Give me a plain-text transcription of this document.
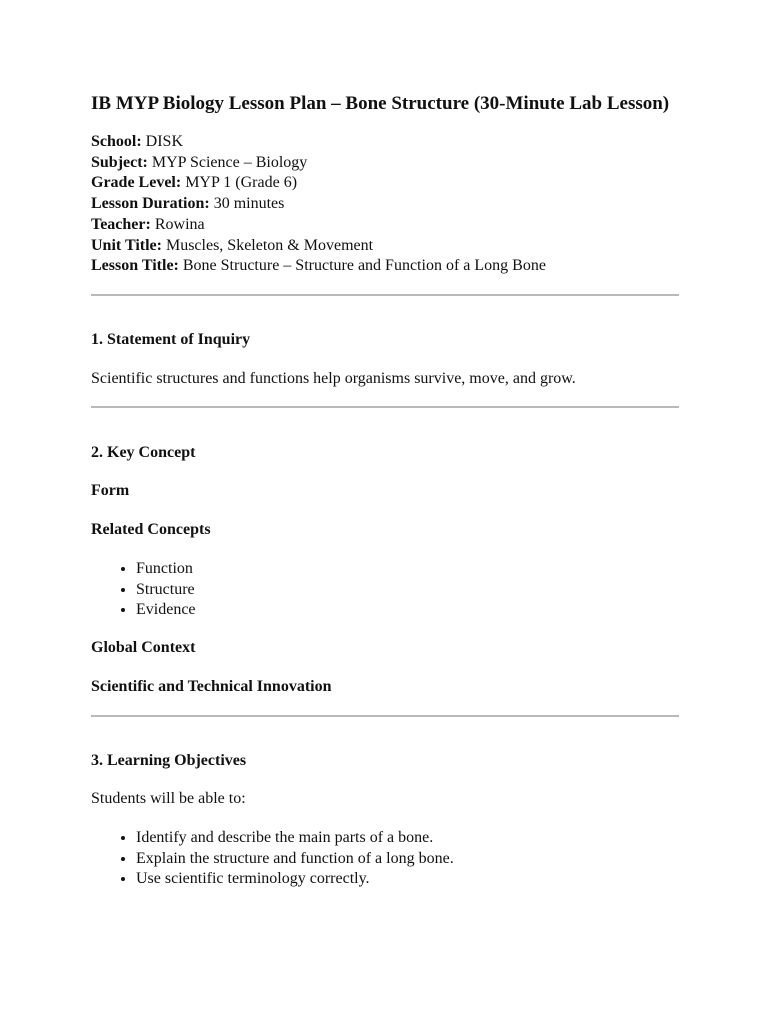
IB MYP Biology Lesson Plan – Bone Structure (30-Minute Lab Lesson)
School: DISK
Subject: MYP Science – Biology
Grade Level: MYP 1 (Grade 6)
Lesson Duration: 30 minutes
Teacher: Rowina
Unit Title: Muscles, Skeleton & Movement
Lesson Title: Bone Structure – Structure and Function of a Long Bone
1. Statement of Inquiry

Scientific structures and functions help organisms survive, move, and grow.

2. Key Concept

Form

Related Concepts

• Function
• Structure
• Evidence

Global Context

Scientific and Technical Innovation

3. Learning Objectives

Students will be able to:

• Identify and describe the main parts of a bone.
• Explain the structure and function of a long bone.
• Use scientific terminology correctly.
